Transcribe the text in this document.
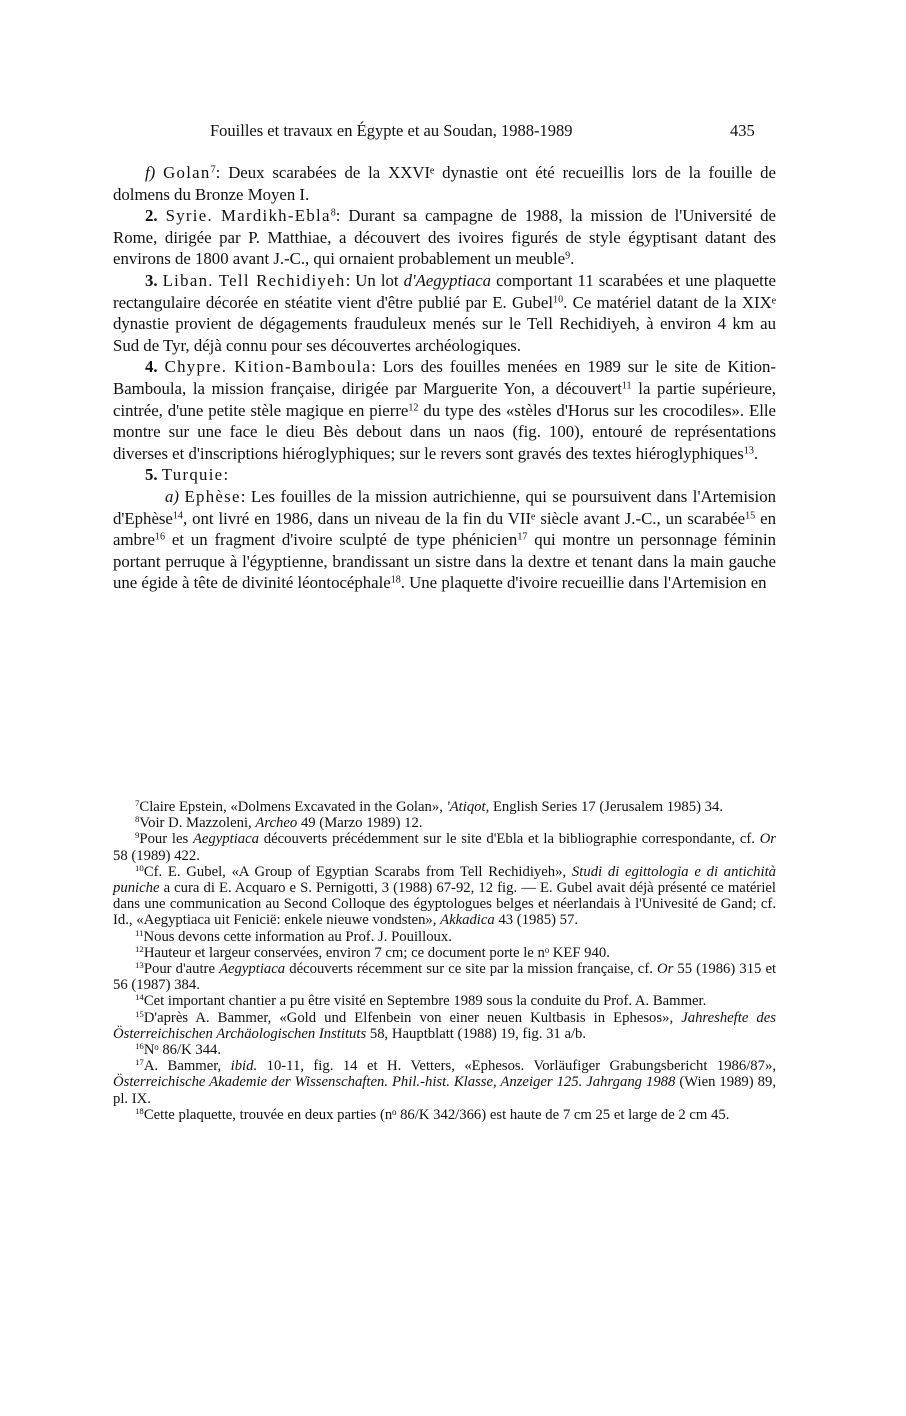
Fouilles et travaux en Égypte et au Soudan, 1988-1989	435

f) Golan$^7$: Deux scarabées de la XXVIᵉ dynastie ont été recueillis lors de la fouille de dolmens du Bronze Moyen I.

2. Syrie. Mardikh-Ebla$^8$: Durant sa campagne de 1988, la mission de l'Université de Rome, dirigée par P. Matthiae, a découvert des ivoires figurés de style égyptisant datant des environs de 1800 avant J.-C., qui ornaient probablement un meuble$^9$.

3. Liban. Tell Rechidiyeh: Un lot d'Aegyptiaca comportant 11 scarabées et une plaquette rectangulaire décorée en stéatite vient d'être publié par E. Gubel$^{10}$. Ce matériel datant de la XIXᵉ dynastie provient de dégagements frauduleux menés sur le Tell Rechidiyeh, à environ 4 km au Sud de Tyr, déjà connu pour ses découvertes archéologiques.

4. Chypre. Kition-Bamboula: Lors des fouilles menées en 1989 sur le site de Kition-Bamboula, la mission française, dirigée par Marguerite Yon, a découvert$^{11}$ la partie supérieure, cintrée, d'une petite stèle magique en pierre$^{12}$ du type des «stèles d'Horus sur les crocodiles». Elle montre sur une face le dieu Bès debout dans un naos (fig. 100), entouré de représentations diverses et d'inscriptions hiéroglyphiques; sur le revers sont gravés des textes hiéroglyphiques$^{13}$.

5. Turquie:

a) Ephèse: Les fouilles de la mission autrichienne, qui se poursuivent dans l'Artemision d'Ephèse$^{14}$, ont livré en 1986, dans un niveau de la fin du VIIᵉ siècle avant J.-C., un scarabée$^{15}$ en ambre$^{16}$ et un fragment d'ivoire sculpté de type phénicien$^{17}$ qui montre un personnage féminin portant perruque à l'égyptienne, brandissant un sistre dans la dextre et tenant dans la main gauche une égide à tête de divinité léontocéphale$^{18}$. Une plaquette d'ivoire recueillie dans l'Artemision en

$^7$Claire Epstein, «Dolmens Excavated in the Golan», 'Atiqot, English Series 17 (Jerusalem 1985) 34.

$^8$Voir D. Mazzoleni, Archeo 49 (Marzo 1989) 12.

$^9$Pour les Aegyptiaca découverts précédemment sur le site d'Ebla et la bibliographie correspondante, cf. Or 58 (1989) 422.

$^{10}$Cf. E. Gubel, «A Group of Egyptian Scarabs from Tell Rechidiyeh», Studi di egittologia e di antichità puniche a cura di E. Acquaro e S. Pernigotti, 3 (1988) 67-92, 12 fig. — E. Gubel avait déjà présenté ce matériel dans une communication au Second Colloque des égyptologues belges et néerlandais à l'Univesité de Gand; cf. Id., «Aegyptiaca uit Fenicië: enkele nieuwe vondsten», Akkadica 43 (1985) 57.

$^{11}$Nous devons cette information au Prof. J. Pouilloux.

$^{12}$Hauteur et largeur conservées, environ 7 cm; ce document porte le nᵒ KEF 940.

$^{13}$Pour d'autre Aegyptiaca découverts récemment sur ce site par la mission française, cf. Or 55 (1986) 315 et 56 (1987) 384.

$^{14}$Cet important chantier a pu être visité en Septembre 1989 sous la conduite du Prof. A. Bammer.

$^{15}$D'après A. Bammer, «Gold und Elfenbein von einer neuen Kultbasis in Ephesos», Jahreshefte des Österreichischen Archäologischen Instituts 58, Hauptblatt (1988) 19, fig. 31 a/b.

$^{16}$Nᵒ 86/K 344.

$^{17}$A. Bammer, ibid. 10-11, fig. 14 et H. Vetters, «Ephesos. Vorläufiger Grabungsbericht 1986/87», Österreichische Akademie der Wissenschaften. Phil.-hist. Klasse, Anzeiger 125. Jahrgang 1988 (Wien 1989) 89, pl. IX.

$^{18}$Cette plaquette, trouvée en deux parties (nᵒ 86/K 342/366) est haute de 7 cm 25 et large de 2 cm 45.
